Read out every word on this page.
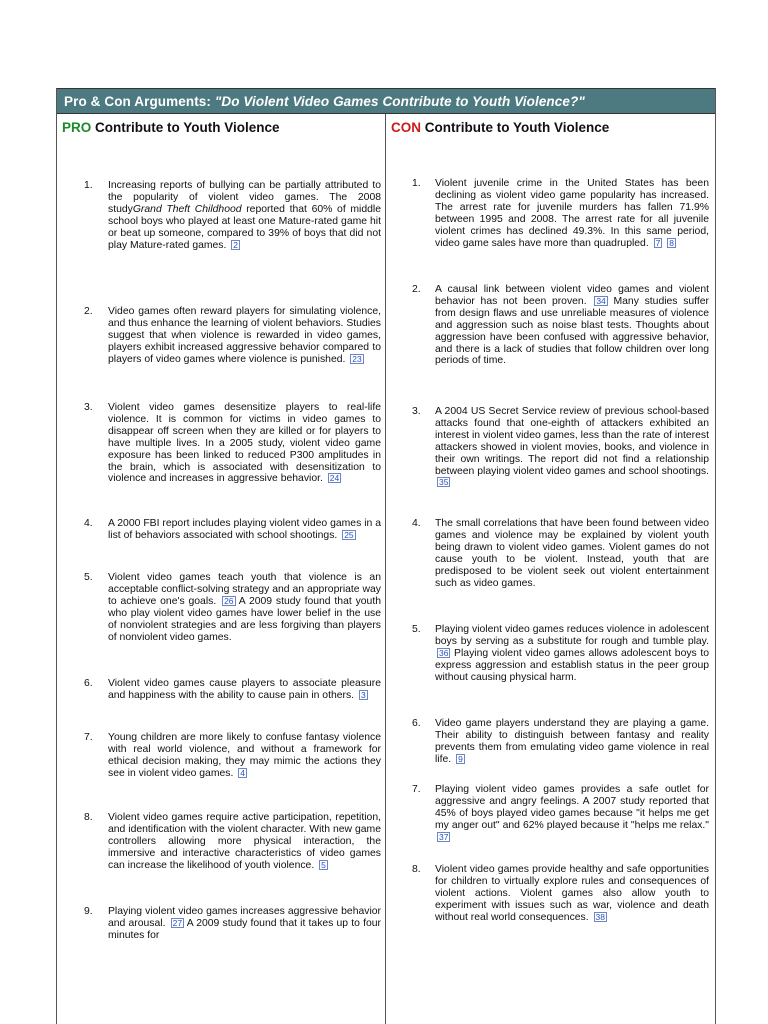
Pro & Con Arguments: "Do Violent Video Games Contribute to Youth Violence?"
PRO Contribute to Youth Violence
1. Increasing reports of bullying can be partially attributed to the popularity of violent video games. The 2008 studyGrand Theft Childhood reported that 60% of middle school boys who played at least one Mature-rated game hit or beat up someone, compared to 39% of boys that did not play Mature-rated games. 2
2. Video games often reward players for simulating violence, and thus enhance the learning of violent behaviors. Studies suggest that when violence is rewarded in video games, players exhibit increased aggressive behavior compared to players of video games where violence is punished. 23
3. Violent video games desensitize players to real-life violence. It is common for victims in video games to disappear off screen when they are killed or for players to have multiple lives. In a 2005 study, violent video game exposure has been linked to reduced P300 amplitudes in the brain, which is associated with desensitization to violence and increases in aggressive behavior. 24
4. A 2000 FBI report includes playing violent video games in a list of behaviors associated with school shootings. 25
5. Violent video games teach youth that violence is an acceptable conflict-solving strategy and an appropriate way to achieve one's goals. 26 A 2009 study found that youth who play violent video games have lower belief in the use of nonviolent strategies and are less forgiving than players of nonviolent video games.
6. Violent video games cause players to associate pleasure and happiness with the ability to cause pain in others. 3
7. Young children are more likely to confuse fantasy violence with real world violence, and without a framework for ethical decision making, they may mimic the actions they see in violent video games. 4
8. Violent video games require active participation, repetition, and identification with the violent character. With new game controllers allowing more physical interaction, the immersive and interactive characteristics of video games can increase the likelihood of youth violence. 5
9. Playing violent video games increases aggressive behavior and arousal. 27 A 2009 study found that it takes up to four minutes for
CON Contribute to Youth Violence
1. Violent juvenile crime in the United States has been declining as violent video game popularity has increased. The arrest rate for juvenile murders has fallen 71.9% between 1995 and 2008. The arrest rate for all juvenile violent crimes has declined 49.3%. In this same period, video game sales have more than quadrupled. 7 8
2. A causal link between violent video games and violent behavior has not been proven. 34 Many studies suffer from design flaws and use unreliable measures of violence and aggression such as noise blast tests. Thoughts about aggression have been confused with aggressive behavior, and there is a lack of studies that follow children over long periods of time.
3. A 2004 US Secret Service review of previous school-based attacks found that one-eighth of attackers exhibited an interest in violent video games, less than the rate of interest attackers showed in violent movies, books, and violence in their own writings. The report did not find a relationship between playing violent video games and school shootings. 35
4. The small correlations that have been found between video games and violence may be explained by violent youth being drawn to violent video games. Violent games do not cause youth to be violent. Instead, youth that are predisposed to be violent seek out violent entertainment such as video games.
5. Playing violent video games reduces violence in adolescent boys by serving as a substitute for rough and tumble play. 36 Playing violent video games allows adolescent boys to express aggression and establish status in the peer group without causing physical harm.
6. Video game players understand they are playing a game. Their ability to distinguish between fantasy and reality prevents them from emulating video game violence in real life. 9
7. Playing violent video games provides a safe outlet for aggressive and angry feelings. A 2007 study reported that 45% of boys played video games because "it helps me get my anger out" and 62% played because it "helps me relax." 37
8. Violent video games provide healthy and safe opportunities for children to virtually explore rules and consequences of violent actions. Violent games also allow youth to experiment with issues such as war, violence and death without real world consequences. 38
